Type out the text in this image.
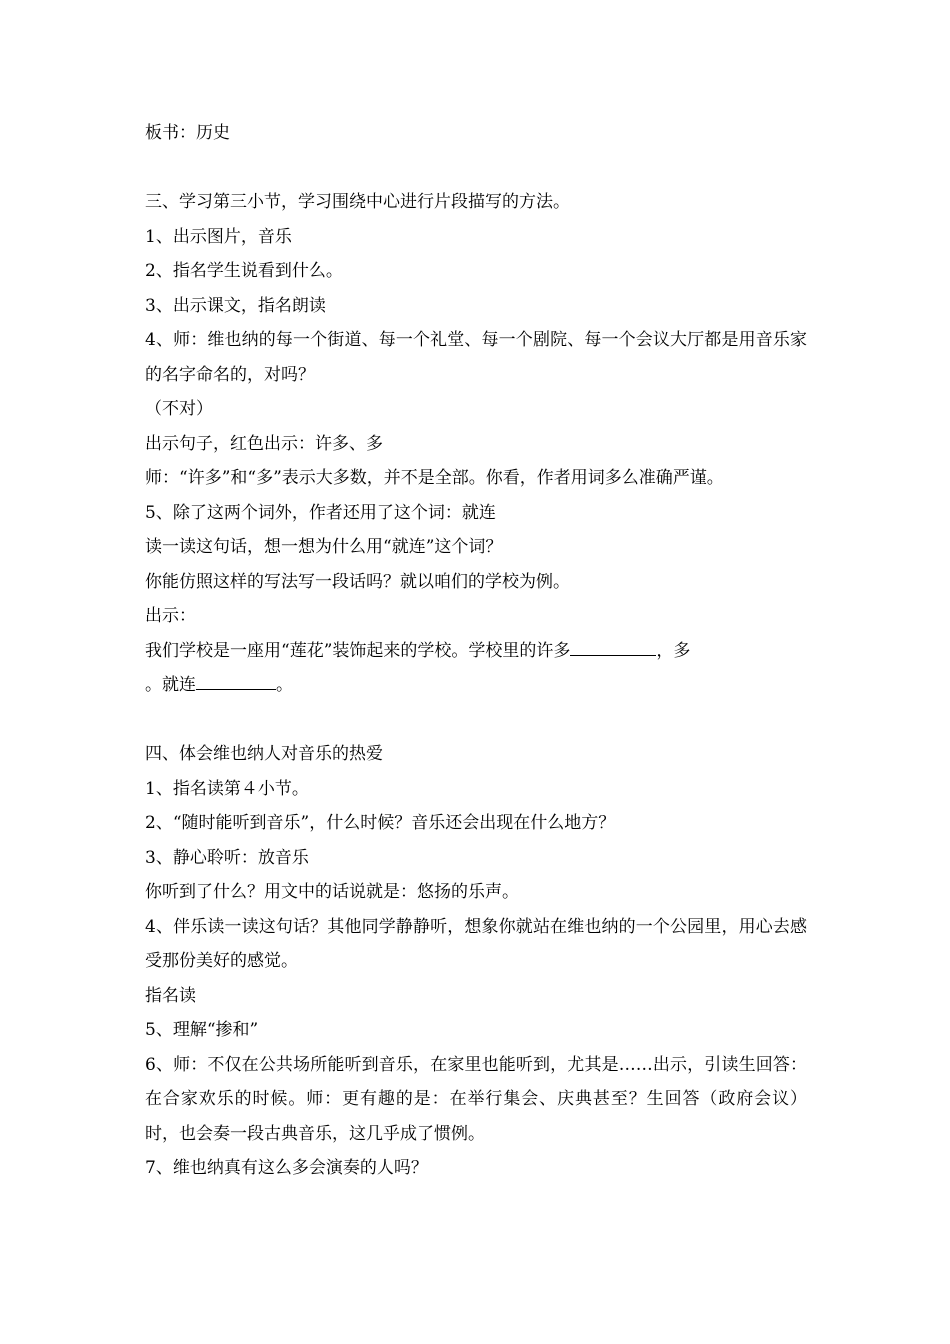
板书：历史
三、学习第三小节，学习围绕中心进行片段描写的方法。
1、出示图片，音乐
2、指名学生说看到什么。
3、出示课文，指名朗读
4、师：维也纳的每一个街道、每一个礼堂、每一个剧院、每一个会议大厅都是用音乐家的名字命名的，对吗？
（不对）
出示句子，红色出示：许多、多
师：“许多”和“多”表示大多数，并不是全部。你看，作者用词多么准确严谨。
5、除了这两个词外，作者还用了这个词：就连
读一读这句话，想一想为什么用“就连”这个词？
你能仿照这样的写法写一段话吗？就以咱们的学校为例。
出示：
我们学校是一座用“莲花”装饰起来的学校。学校里的许多	，多
。就连	。
四、体会维也纳人对音乐的热爱
1、指名读第４小节。
2、“随时能听到音乐”，什么时候？音乐还会出现在什么地方？
3、静心聆听：放音乐
你听到了什么？用文中的话说就是：悠扬的乐声。
4、伴乐读一读这句话？其他同学静静听，想象你就站在维也纳的一个公园里，用心去感受那份美好的感觉。
指名读
5、理解“掺和”
6、师：不仅在公共场所能听到音乐，在家里也能听到，尤其是……出示，引读生回答：在合家欢乐的时候。师：更有趣的是：在举行集会、庆典甚至？生回答（政府会议）时，也会奏一段古典音乐，这几乎成了惯例。
7、维也纳真有这么多会演奏的人吗？
